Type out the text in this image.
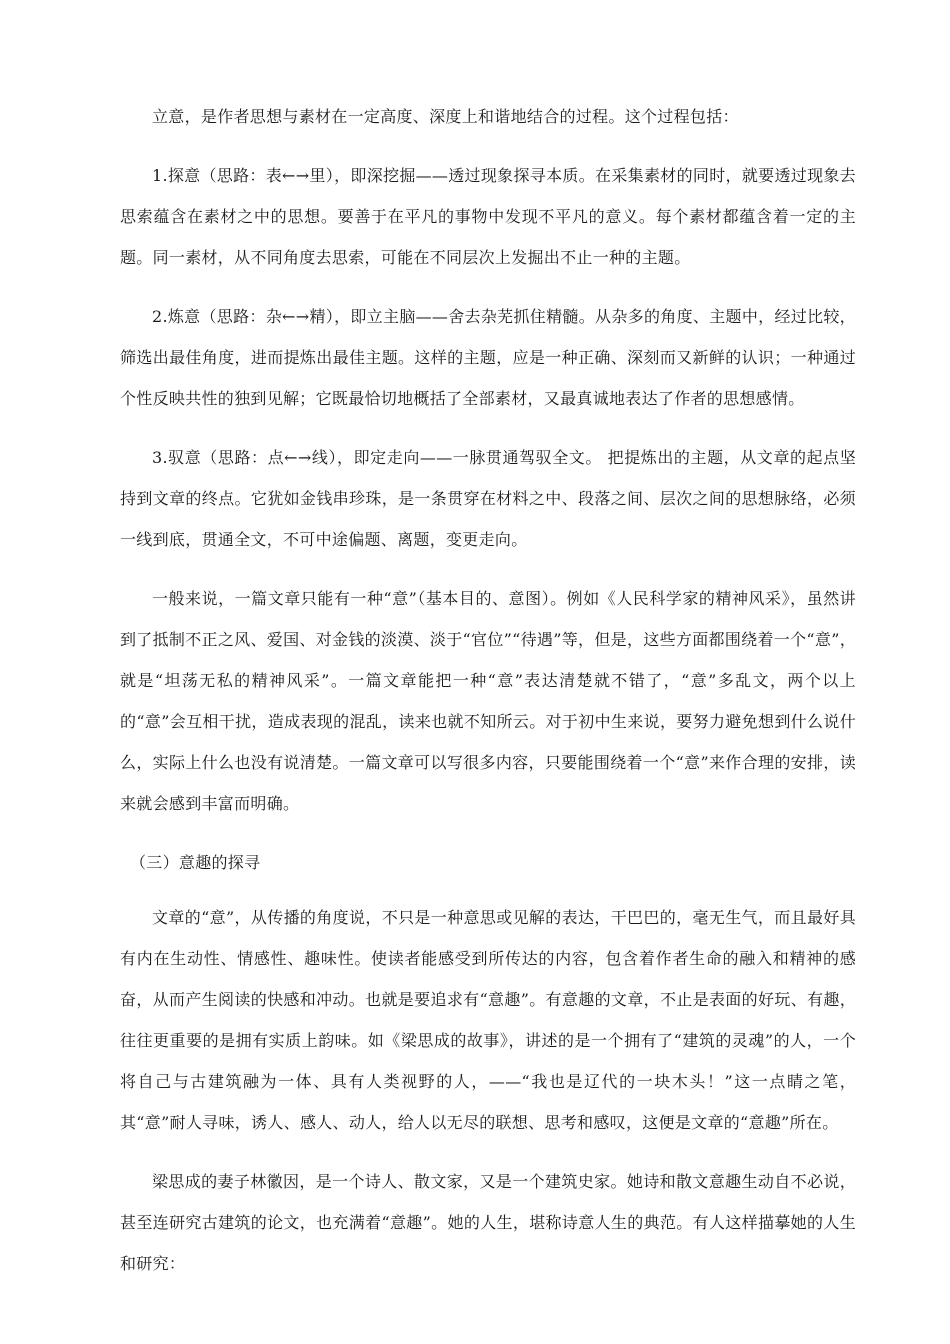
立意，是作者思想与素材在一定高度、深度上和谐地结合的过程。这个过程包括：

1.探意（思路：表←→里），即深挖掘——透过现象探寻本质。在采集素材的同时，就要透过现象去思索蕴含在素材之中的思想。要善于在平凡的事物中发现不平凡的意义。每个素材都蕴含着一定的主题。同一素材，从不同角度去思索，可能在不同层次上发掘出不止一种的主题。

2.炼意（思路：杂←→精），即立主脑——舍去杂芜抓住精髓。从杂多的角度、主题中，经过比较，筛选出最佳角度，进而提炼出最佳主题。这样的主题，应是一种正确、深刻而又新鲜的认识；一种通过个性反映共性的独到见解；它既最恰切地概括了全部素材，又最真诚地表达了作者的思想感情。

3.驭意（思路：点←→线），即定走向——一脉贯通驾驭全文。 把提炼出的主题，从文章的起点坚持到文章的终点。它犹如金钱串珍珠，是一条贯穿在材料之中、段落之间、层次之间的思想脉络，必须一线到底，贯通全文，不可中途偏题、离题，变更走向。

一般来说，一篇文章只能有一种“意”（基本目的、意图）。例如《人民科学家的精神风采》，虽然讲到了抵制不正之风、爱国、对金钱的淡漠、淡于“官位”“待遇”等，但是，这些方面都围绕着一个“意”，就是“坦荡无私的精神风采”。一篇文章能把一种“意”表达清楚就不错了，“意”多乱文，两个以上的“意”会互相干扰，造成表现的混乱，读来也就不知所云。对于初中生来说，要努力避免想到什么说什么，实际上什么也没有说清楚。一篇文章可以写很多内容，只要能围绕着一个“意”来作合理的安排，读来就会感到丰富而明确。

（三）意趣的探寻

文章的“意”，从传播的角度说，不只是一种意思或见解的表达，干巴巴的，毫无生气，而且最好具有内在生动性、情感性、趣味性。使读者能感受到所传达的内容，包含着作者生命的融入和精神的感奋，从而产生阅读的快感和冲动。也就是要追求有“意趣”。有意趣的文章，不止是表面的好玩、有趣，往往更重要的是拥有实质上韵味。如《梁思成的故事》，讲述的是一个拥有了“建筑的灵魂”的人，一个将自己与古建筑融为一体、具有人类视野的人，——“我也是辽代的一块木头！”这一点睛之笔，其“意”耐人寻味，诱人、感人、动人，给人以无尽的联想、思考和感叹，这便是文章的“意趣”所在。

梁思成的妻子林徽因，是一个诗人、散文家，又是一个建筑史家。她诗和散文意趣生动自不必说，甚至连研究古建筑的论文，也充满着“意趣”。她的人生，堪称诗意人生的典范。有人这样描摹她的人生和研究：
